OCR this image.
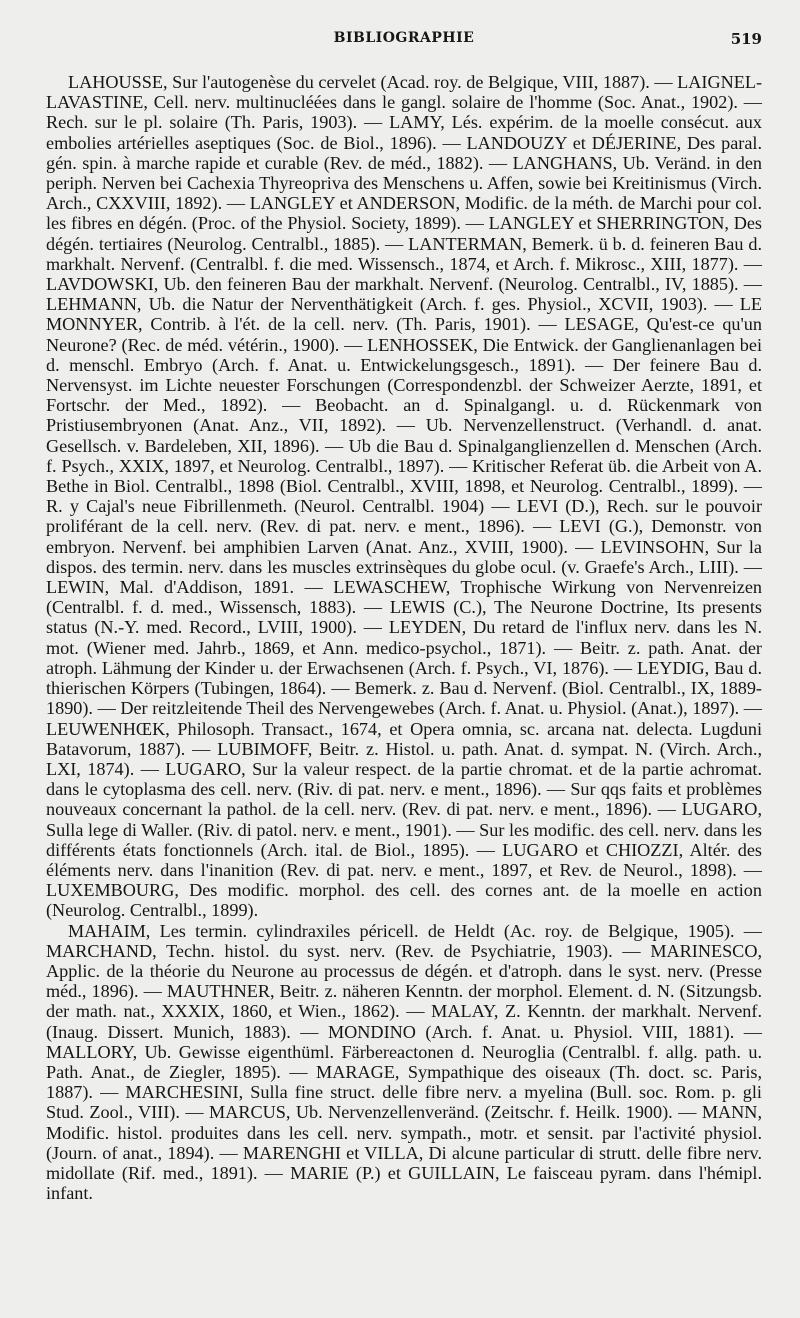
BIBLIOGRAPHIE	519

LAHOUSSE, Sur l'autogenèse du cervelet (Acad. roy. de Belgique, VIII, 1887). — LAIGNEL-LAVASTINE, Cell. nerv. multinucléées dans le gangl. solaire de l'homme (Soc. Anat., 1902). — Rech. sur le pl. solaire (Th. Paris, 1903). — LAMY, Lés. expérim. de la moelle consécut. aux embolies artérielles aseptiques (Soc. de Biol., 1896). — LANDOUZY et DÉJERINE, Des paral. gén. spin. à marche rapide et curable (Rev. de méd., 1882). — LANGHANS, Ub. Veränd. in den periph. Nerven bei Cachexia Thyreopriva des Menschens u. Affen, sowie bei Kreitinismus (Virch. Arch., CXXVIII, 1892). — LANGLEY et ANDERSON, Modific. de la méth. de Marchi pour col. les fibres en dégén. (Proc. of the Physiol. Society, 1899). — LANGLEY et SHERRINGTON, Des dégén. tertiaires (Neurolog. Centralbl., 1885). — LANTERMAN, Bemerk. ü b. d. feineren Bau d. markhalt. Nervenf. (Centralbl. f. die med. Wissensch., 1874, et Arch. f. Mikrosc., XIII, 1877). — LAVDOWSKI, Ub. den feineren Bau der markhalt. Nervenf. (Neurolog. Centralbl., IV, 1885). — LEHMANN, Ub. die Natur der Nerventhätigkeit (Arch. f. ges. Physiol., XCVII, 1903). — LE MONNYER, Contrib. à l'ét. de la cell. nerv. (Th. Paris, 1901). — LESAGE, Qu'est-ce qu'un Neurone? (Rec. de méd. vétérin., 1900). — LENHOSSEK, Die Entwick. der Ganglienanlagen bei d. menschl. Embryo (Arch. f. Anat. u. Entwickelungsgesch., 1891). — Der feinere Bau d. Nervensyst. im Lichte neuester Forschungen (Correspondenzbl. der Schweizer Aerzte, 1891, et Fortschr. der Med., 1892). — Beobacht. an d. Spinalgangl. u. d. Rückenmark von Pristiusembryonen (Anat. Anz., VII, 1892). — Ub. Nervenzellenstruct. (Verhandl. d. anat. Gesellsch. v. Bardeleben, XII, 1896). — Ub die Bau d. Spinalganglienzellen d. Menschen (Arch. f. Psych., XXIX, 1897, et Neurolog. Centralbl., 1897). — Kritischer Referat üb. die Arbeit von A. Bethe in Biol. Centralbl., 1898 (Biol. Centralbl., XVIII, 1898, et Neurolog. Centralbl., 1899). — R. y Cajal's neue Fibrillenmeth. (Neurol. Centralbl. 1904) — LEVI (D.), Rech. sur le pouvoir proliférant de la cell. nerv. (Rev. di pat. nerv. e ment., 1896). — LEVI (G.), Demonstr. von embryon. Nervenf. bei amphibien Larven (Anat. Anz., XVIII, 1900). — LEVINSOHN, Sur la dispos. des termin. nerv. dans les muscles extrinsèques du globe ocul. (v. Graefe's Arch., LIII). — LEWIN, Mal. d'Addison, 1891. — LEWASCHEW, Trophische Wirkung von Nervenreizen (Centralbl. f. d. med., Wissensch, 1883). — LEWIS (C.), The Neurone Doctrine, Its presents status (N.-Y. med. Record., LVIII, 1900). — LEYDEN, Du retard de l'influx nerv. dans les N. mot. (Wiener med. Jahrb., 1869, et Ann. medico-psychol., 1871). — Beitr. z. path. Anat. der atroph. Lähmung der Kinder u. der Erwachsenen (Arch. f. Psych., VI, 1876). — LEYDIG, Bau d. thierischen Körpers (Tubingen, 1864). — Bemerk. z. Bau d. Nervenf. (Biol. Centralbl., IX, 1889-1890). — Der reitzleitende Theil des Nervengewebes (Arch. f. Anat. u. Physiol. (Anat.), 1897). — LEUWENHŒK, Philosoph. Transact., 1674, et Opera omnia, sc. arcana nat. delecta. Lugduni Batavorum, 1887). — LUBIMOFF, Beitr. z. Histol. u. path. Anat. d. sympat. N. (Virch. Arch., LXI, 1874). — LUGARO, Sur la valeur respect. de la partie chromat. et de la partie achromat. dans le cytoplasma des cell. nerv. (Riv. di pat. nerv. e ment., 1896). — Sur qqs faits et problèmes nouveaux concernant la pathol. de la cell. nerv. (Rev. di pat. nerv. e ment., 1896). — LUGARO, Sulla lege di Waller. (Riv. di patol. nerv. e ment., 1901). — Sur les modific. des cell. nerv. dans les différents états fonctionnels (Arch. ital. de Biol., 1895). — LUGARO et CHIOZZI, Altér. des éléments nerv. dans l'inanition (Rev. di pat. nerv. e ment., 1897, et Rev. de Neurol., 1898). — LUXEMBOURG, Des modific. morphol. des cell. des cornes ant. de la moelle en action (Neurolog. Centralbl., 1899).

MAHAIM, Les termin. cylindraxiles péricell. de Heldt (Ac. roy. de Belgique, 1905). — MARCHAND, Techn. histol. du syst. nerv. (Rev. de Psychiatrie, 1903). — MARINESCO, Applic. de la théorie du Neurone au processus de dégén. et d'atroph. dans le syst. nerv. (Presse méd., 1896). — MAUTHNER, Beitr. z. näheren Kenntn. der morphol. Element. d. N. (Sitzungsb. der math. nat., XXXIX, 1860, et Wien., 1862). — MALAY, Z. Kenntn. der markhalt. Nervenf. (Inaug. Dissert. Munich, 1883). — MONDINO (Arch. f. Anat. u. Physiol. VIII, 1881). — MALLORY, Ub. Gewisse eigenthüml. Färbereactonen d. Neuroglia (Centralbl. f. allg. path. u. Path. Anat., de Ziegler, 1895). — MARAGE, Sympathique des oiseaux (Th. doct. sc. Paris, 1887). — MARCHESINI, Sulla fine struct. delle fibre nerv. a myelina (Bull. soc. Rom. p. gli Stud. Zool., VIII). — MARCUS, Ub. Nervenzellenveränd. (Zeitschr. f. Heilk. 1900). — MANN, Modific. histol. produites dans les cell. nerv. sympath., motr. et sensit. par l'activité physiol. (Journ. of anat., 1894). — MARENGHI et VILLA, Di alcune particular di strutt. delle fibre nerv. midollate (Rif. med., 1891). — MARIE (P.) et GUILLAIN, Le faisceau pyram. dans l'hémipl. infant.
